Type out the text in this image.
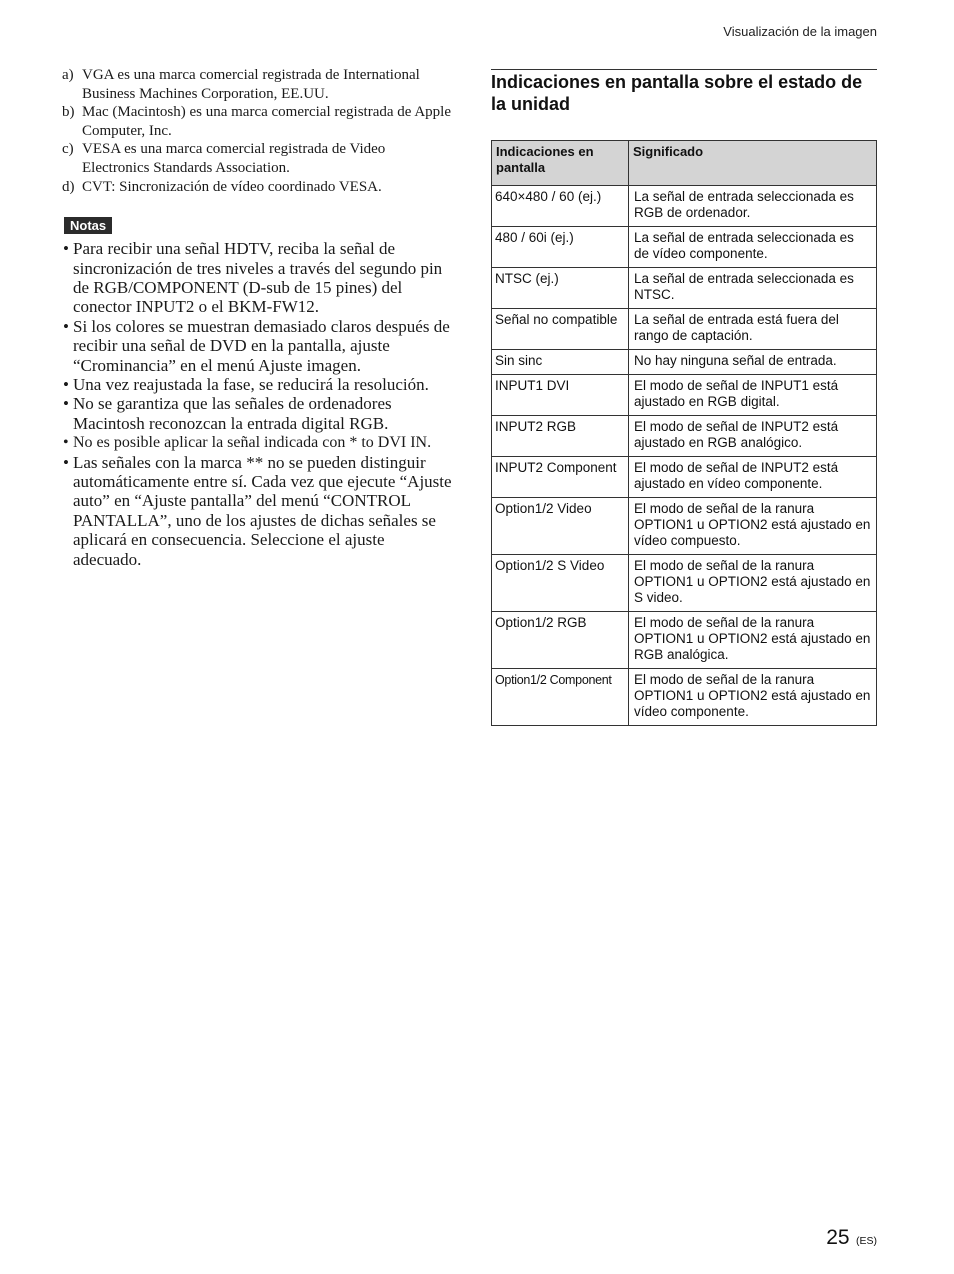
Visualización de la imagen
a) VGA es una marca comercial registrada de International Business Machines Corporation, EE.UU.
b) Mac (Macintosh) es una marca comercial registrada de Apple Computer, Inc.
c) VESA es una marca comercial registrada de Video Electronics Standards Association.
d) CVT: Sincronización de vídeo coordinado VESA.
Notas
• Para recibir una señal HDTV, reciba la señal de sincronización de tres niveles a través del segundo pin de RGB/COMPONENT (D-sub de 15 pines) del conector INPUT2 o el BKM-FW12.
• Si los colores se muestran demasiado claros después de recibir una señal de DVD en la pantalla, ajuste “Crominancia” en el menú Ajuste imagen.
• Una vez reajustada la fase, se reducirá la resolución.
• No se garantiza que las señales de ordenadores Macintosh reconozcan la entrada digital RGB.
• No es posible aplicar la señal indicada con * to DVI IN.
• Las señales con la marca ** no se pueden distinguir automáticamente entre sí. Cada vez que ejecute “Ajuste auto” en “Ajuste pantalla” del menú “CONTROL PANTALLA”, uno de los ajustes de dichas señales se aplicará en consecuencia. Seleccione el ajuste adecuado.
Indicaciones en pantalla sobre el estado de la unidad
Indicaciones en pantalla	Significado
640×480 / 60 (ej.)	La señal de entrada seleccionada es RGB de ordenador.
480 / 60i (ej.)	La señal de entrada seleccionada es de vídeo componente.
NTSC (ej.)	La señal de entrada seleccionada es NTSC.
Señal no compatible	La señal de entrada está fuera del rango de captación.
Sin sinc	No hay ninguna señal de entrada.
INPUT1 DVI	El modo de señal de INPUT1 está ajustado en RGB digital.
INPUT2 RGB	El modo de señal de INPUT2 está ajustado en RGB analógico.
INPUT2 Component	El modo de señal de INPUT2 está ajustado en vídeo componente.
Option1/2 Video	El modo de señal de la ranura OPTION1 u OPTION2 está ajustado en vídeo compuesto.
Option1/2 S Video	El modo de señal de la ranura OPTION1 u OPTION2 está ajustado en S video.
Option1/2 RGB	El modo de señal de la ranura OPTION1 u OPTION2 está ajustado en RGB analógica.
Option1/2 Component	El modo de señal de la ranura OPTION1 u OPTION2 está ajustado en vídeo componente.
25 (ES)
